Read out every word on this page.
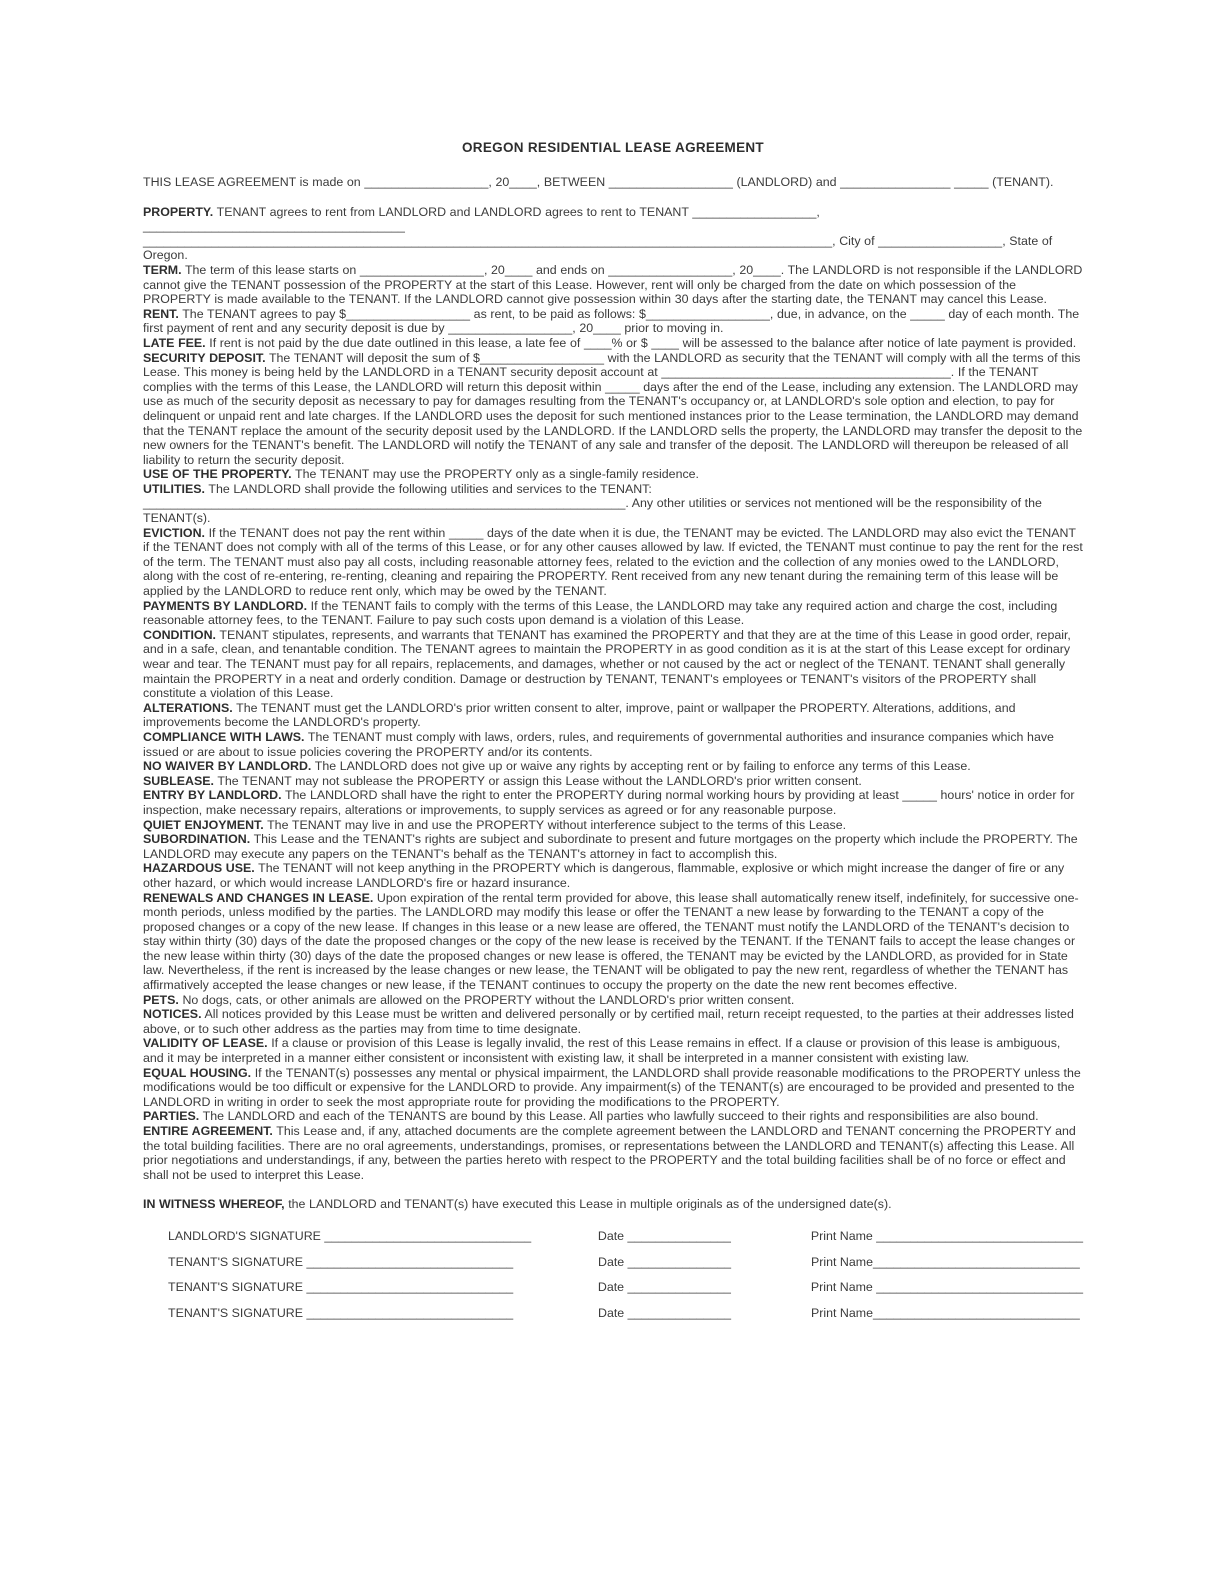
OREGON RESIDENTIAL LEASE AGREEMENT

THIS LEASE AGREEMENT is made on __________________, 20____, BETWEEN __________________ (LANDLORD) and ________________ _____ (TENANT).

PROPERTY. TENANT agrees to rent from LANDLORD and LANDLORD agrees to rent to TENANT __________________, ______________________________________ ____________________________________________________________________________________________________, City of __________________, State of Oregon.

TERM. The term of this lease starts on __________________, 20____ and ends on __________________, 20____. The LANDLORD is not responsible if the LANDLORD cannot give the TENANT possession of the PROPERTY at the start of this Lease. However, rent will only be charged from the date on which possession of the PROPERTY is made available to the TENANT. If the LANDLORD cannot give possession within 30 days after the starting date, the TENANT may cancel this Lease.

RENT. The TENANT agrees to pay $__________________ as rent, to be paid as follows: $__________________, due, in advance, on the _____ day of each month. The first payment of rent and any security deposit is due by __________________, 20____ prior to moving in.

LATE FEE. If rent is not paid by the due date outlined in this lease, a late fee of ____% or $ ____ will be assessed to the balance after notice of late payment is provided.

SECURITY DEPOSIT. The TENANT will deposit the sum of $__________________ with the LANDLORD as security that the TENANT will comply with all the terms of this Lease. This money is being held by the LANDLORD in a TENANT security deposit account at __________________________________________. If the TENANT complies with the terms of this Lease, the LANDLORD will return this deposit within _____ days after the end of the Lease, including any extension. The LANDLORD may use as much of the security deposit as necessary to pay for damages resulting from the TENANT's occupancy or, at LANDLORD's sole option and election, to pay for delinquent or unpaid rent and late charges. If the LANDLORD uses the deposit for such mentioned instances prior to the Lease termination, the LANDLORD may demand that the TENANT replace the amount of the security deposit used by the LANDLORD. If the LANDLORD sells the property, the LANDLORD may transfer the deposit to the new owners for the TENANT's benefit. The LANDLORD will notify the TENANT of any sale and transfer of the deposit. The LANDLORD will thereupon be released of all liability to return the security deposit.

USE OF THE PROPERTY. The TENANT may use the PROPERTY only as a single-family residence.

UTILITIES. The LANDLORD shall provide the following utilities and services to the TENANT: ______________________________________________________________________. Any other utilities or services not mentioned will be the responsibility of the TENANT(s).

EVICTION. If the TENANT does not pay the rent within _____ days of the date when it is due, the TENANT may be evicted. The LANDLORD may also evict the TENANT if the TENANT does not comply with all of the terms of this Lease, or for any other causes allowed by law. If evicted, the TENANT must continue to pay the rent for the rest of the term. The TENANT must also pay all costs, including reasonable attorney fees, related to the eviction and the collection of any monies owed to the LANDLORD, along with the cost of re-entering, re-renting, cleaning and repairing the PROPERTY. Rent received from any new tenant during the remaining term of this lease will be applied by the LANDLORD to reduce rent only, which may be owed by the TENANT.

PAYMENTS BY LANDLORD. If the TENANT fails to comply with the terms of this Lease, the LANDLORD may take any required action and charge the cost, including reasonable attorney fees, to the TENANT. Failure to pay such costs upon demand is a violation of this Lease.

CONDITION. TENANT stipulates, represents, and warrants that TENANT has examined the PROPERTY and that they are at the time of this Lease in good order, repair, and in a safe, clean, and tenantable condition. The TENANT agrees to maintain the PROPERTY in as good condition as it is at the start of this Lease except for ordinary wear and tear. The TENANT must pay for all repairs, replacements, and damages, whether or not caused by the act or neglect of the TENANT. TENANT shall generally maintain the PROPERTY in a neat and orderly condition. Damage or destruction by TENANT, TENANT's employees or TENANT's visitors of the PROPERTY shall constitute a violation of this Lease.

ALTERATIONS. The TENANT must get the LANDLORD's prior written consent to alter, improve, paint or wallpaper the PROPERTY. Alterations, additions, and improvements become the LANDLORD's property.

COMPLIANCE WITH LAWS. The TENANT must comply with laws, orders, rules, and requirements of governmental authorities and insurance companies which have issued or are about to issue policies covering the PROPERTY and/or its contents.

NO WAIVER BY LANDLORD. The LANDLORD does not give up or waive any rights by accepting rent or by failing to enforce any terms of this Lease.

SUBLEASE. The TENANT may not sublease the PROPERTY or assign this Lease without the LANDLORD's prior written consent.

ENTRY BY LANDLORD. The LANDLORD shall have the right to enter the PROPERTY during normal working hours by providing at least _____ hours' notice in order for inspection, make necessary repairs, alterations or improvements, to supply services as agreed or for any reasonable purpose.

QUIET ENJOYMENT. The TENANT may live in and use the PROPERTY without interference subject to the terms of this Lease.

SUBORDINATION. This Lease and the TENANT's rights are subject and subordinate to present and future mortgages on the property which include the PROPERTY. The LANDLORD may execute any papers on the TENANT's behalf as the TENANT's attorney in fact to accomplish this.

HAZARDOUS USE. The TENANT will not keep anything in the PROPERTY which is dangerous, flammable, explosive or which might increase the danger of fire or any other hazard, or which would increase LANDLORD's fire or hazard insurance.

RENEWALS AND CHANGES IN LEASE. Upon expiration of the rental term provided for above, this lease shall automatically renew itself, indefinitely, for successive one-month periods, unless modified by the parties. The LANDLORD may modify this lease or offer the TENANT a new lease by forwarding to the TENANT a copy of the proposed changes or a copy of the new lease. If changes in this lease or a new lease are offered, the TENANT must notify the LANDLORD of the TENANT's decision to stay within thirty (30) days of the date the proposed changes or the copy of the new lease is received by the TENANT. If the TENANT fails to accept the lease changes or the new lease within thirty (30) days of the date the proposed changes or new lease is offered, the TENANT may be evicted by the LANDLORD, as provided for in State law. Nevertheless, if the rent is increased by the lease changes or new lease, the TENANT will be obligated to pay the new rent, regardless of whether the TENANT has affirmatively accepted the lease changes or new lease, if the TENANT continues to occupy the property on the date the new rent becomes effective.

PETS. No dogs, cats, or other animals are allowed on the PROPERTY without the LANDLORD's prior written consent.

NOTICES. All notices provided by this Lease must be written and delivered personally or by certified mail, return receipt requested, to the parties at their addresses listed above, or to such other address as the parties may from time to time designate.

VALIDITY OF LEASE. If a clause or provision of this Lease is legally invalid, the rest of this Lease remains in effect. If a clause or provision of this lease is ambiguous, and it may be interpreted in a manner either consistent or inconsistent with existing law, it shall be interpreted in a manner consistent with existing law.

EQUAL HOUSING. If the TENANT(s) possesses any mental or physical impairment, the LANDLORD shall provide reasonable modifications to the PROPERTY unless the modifications would be too difficult or expensive for the LANDLORD to provide. Any impairment(s) of the TENANT(s) are encouraged to be provided and presented to the LANDLORD in writing in order to seek the most appropriate route for providing the modifications to the PROPERTY.

PARTIES. The LANDLORD and each of the TENANTS are bound by this Lease. All parties who lawfully succeed to their rights and responsibilities are also bound.

ENTIRE AGREEMENT. This Lease and, if any, attached documents are the complete agreement between the LANDLORD and TENANT concerning the PROPERTY and the total building facilities. There are no oral agreements, understandings, promises, or representations between the LANDLORD and TENANT(s) affecting this Lease. All prior negotiations and understandings, if any, between the parties hereto with respect to the PROPERTY and the total building facilities shall be of no force or effect and shall not be used to interpret this Lease.

IN WITNESS WHEREOF, the LANDLORD and TENANT(s) have executed this Lease in multiple originals as of the undersigned date(s).

LANDLORD'S SIGNATURE ______________________________	Date _______________	Print Name ______________________________
TENANT'S SIGNATURE ______________________________	Date _______________	Print Name______________________________
TENANT'S SIGNATURE ______________________________	Date _______________	Print Name ______________________________
TENANT'S SIGNATURE ______________________________	Date _______________	Print Name______________________________
